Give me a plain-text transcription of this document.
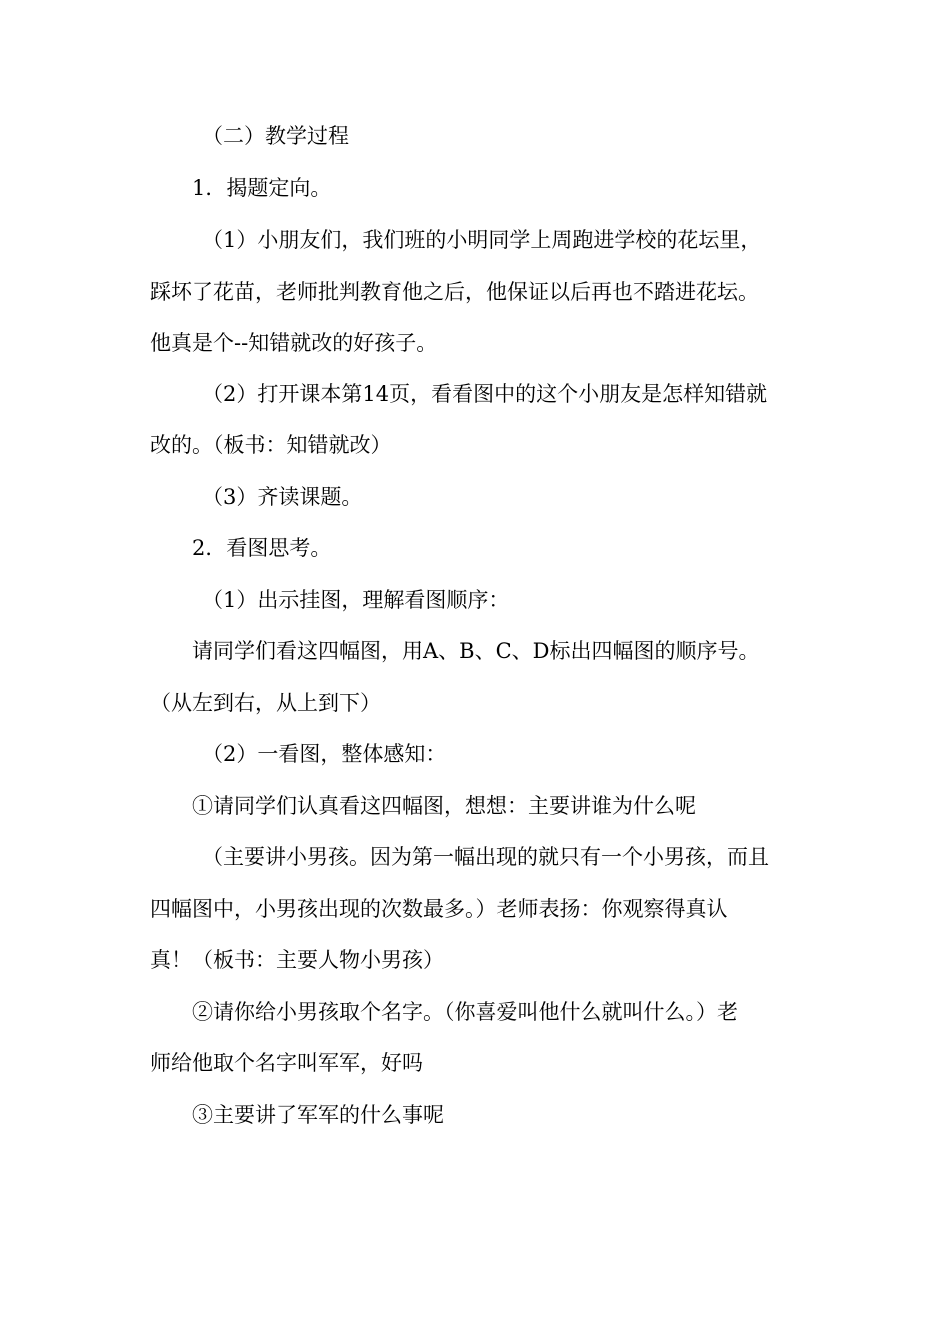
（二）教学过程
1．揭题定向。
（1）小朋友们，我们班的小明同学上周跑进学校的花坛里，
踩坏了花苗，老师批判教育他之后，他保证以后再也不踏进花坛。
他真是个--知错就改的好孩子。
（2）打开课本第14页，看看图中的这个小朋友是怎样知错就
改的。（板书：知错就改）
（3）齐读课题。
2．看图思考。
（1）出示挂图，理解看图顺序：
请同学们看这四幅图，用A、B、C、D标出四幅图的顺序号。
（从左到右，从上到下）
（2）一看图，整体感知：
①请同学们认真看这四幅图，想想：主要讲谁为什么呢
（主要讲小男孩。因为第一幅出现的就只有一个小男孩，而且
四幅图中，小男孩出现的次数最多。）老师表扬：你观察得真认
真！（板书：主要人物小男孩）
②请你给小男孩取个名字。（你喜爱叫他什么就叫什么。）老
师给他取个名字叫军军，好吗
③主要讲了军军的什么事呢
